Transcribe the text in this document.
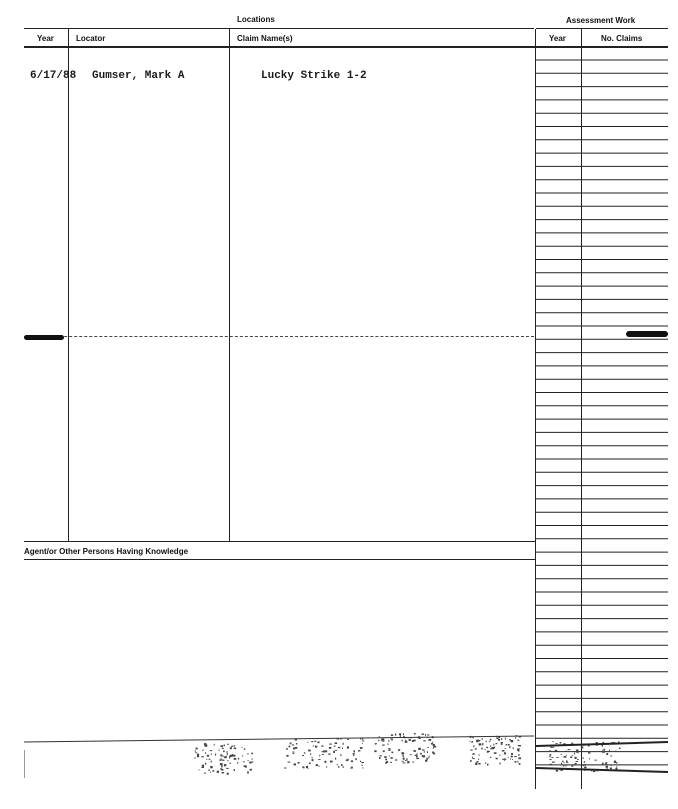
Locations	Assessment Work
Year	Locator	Claim Name(s)	Year	No. Claims
6/17/88 Gumser, Mark A	Lucky Strike 1-2
Agent/or Other Persons Having Knowledge
